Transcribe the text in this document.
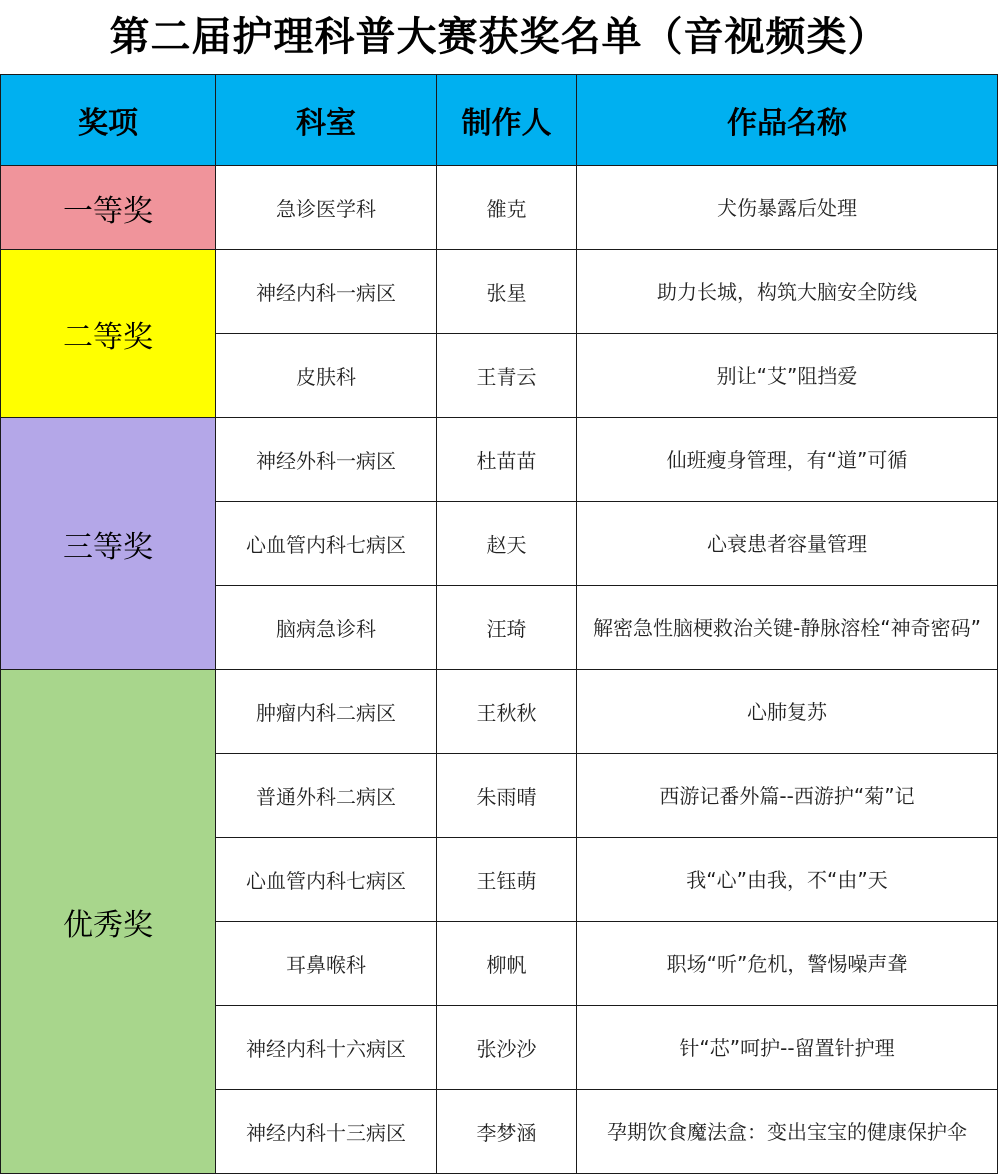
第二届护理科普大赛获奖名单（音视频类）
奖项	科室	制作人	作品名称
一等奖	急诊医学科	雒克	犬伤暴露后处理
二等奖	神经内科一病区	张星	助力长城，构筑大脑安全防线
	皮肤科	王青云	别让“艾”阻挡爱
三等奖	神经外科一病区	杜苗苗	仙班瘦身管理，有“道”可循
	心血管内科七病区	赵天	心衰患者容量管理
	脑病急诊科	汪琦	解密急性脑梗救治关键-静脉溶栓“神奇密码”
优秀奖	肿瘤内科二病区	王秋秋	心肺复苏
	普通外科二病区	朱雨晴	西游记番外篇--西游护“菊”记
	心血管内科七病区	王钰萌	我“心”由我，不“由”天
	耳鼻喉科	柳帆	职场“听”危机，警惕噪声聋
	神经内科十六病区	张沙沙	针“芯”呵护--留置针护理
	神经内科十三病区	李梦涵	孕期饮食魔法盒：变出宝宝的健康保护伞
